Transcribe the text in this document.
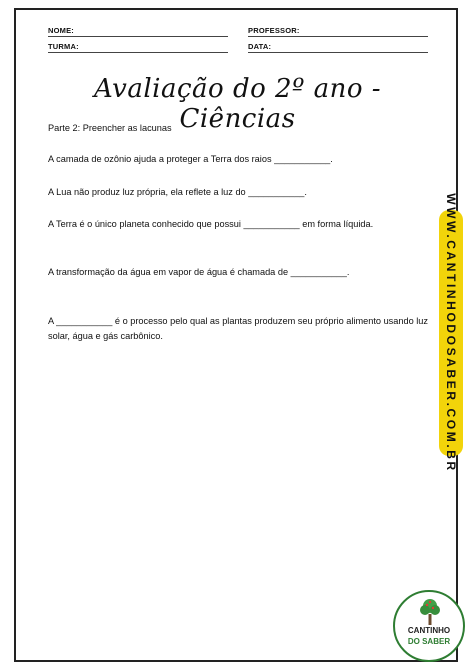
NOME:	PROFESSOR:
TURMA:	DATA:
Avaliação do 2º ano - Ciências
Parte 2: Preencher as lacunas
A camada de ozônio ajuda a proteger a Terra dos raios ___________.
A Lua não produz luz própria, ela reflete a luz do ___________.
A Terra é o único planeta conhecido que possui ___________ em forma líquida.
A transformação da água em vapor de água é chamada de ___________.
A ___________ é o processo pelo qual as plantas produzem seu próprio alimento usando luz solar, água e gás carbônico.	WWW.CANTINHODOSABER.COM.BR
CANTINHO
DO SABER
